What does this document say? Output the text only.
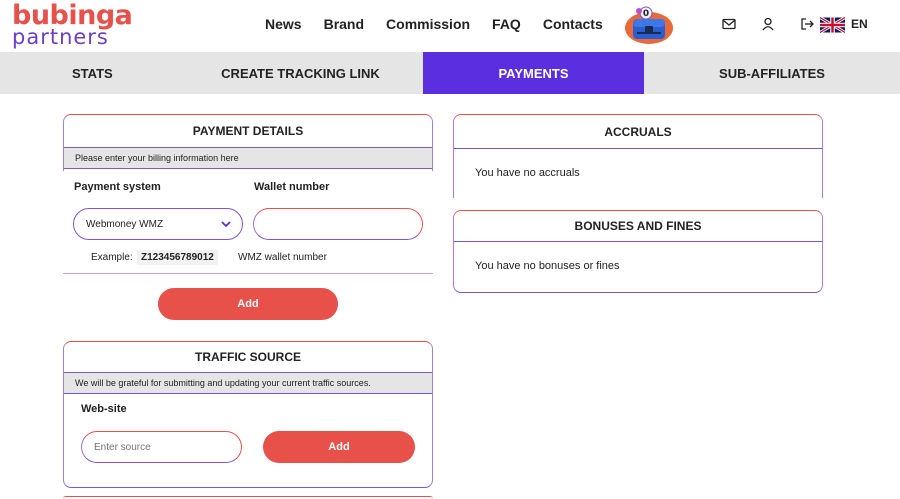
bubinga
partners
News Brand Commission FAQ Contacts
0
EN
STATS	CREATE TRACKING LINK	PAYMENTS	SUB-AFFILIATES
PAYMENT DETAILS
Please enter your billing information here
Payment system	Wallet number
Webmoney WMZ
Example: Z123456789012	WMZ wallet number
Add
TRAFFIC SOURCE
We will be grateful for submitting and updating your current traffic sources.
Web-site
Enter source
Add
ACCRUALS
You have no accruals
BONUSES AND FINES
You have no bonuses or fines
